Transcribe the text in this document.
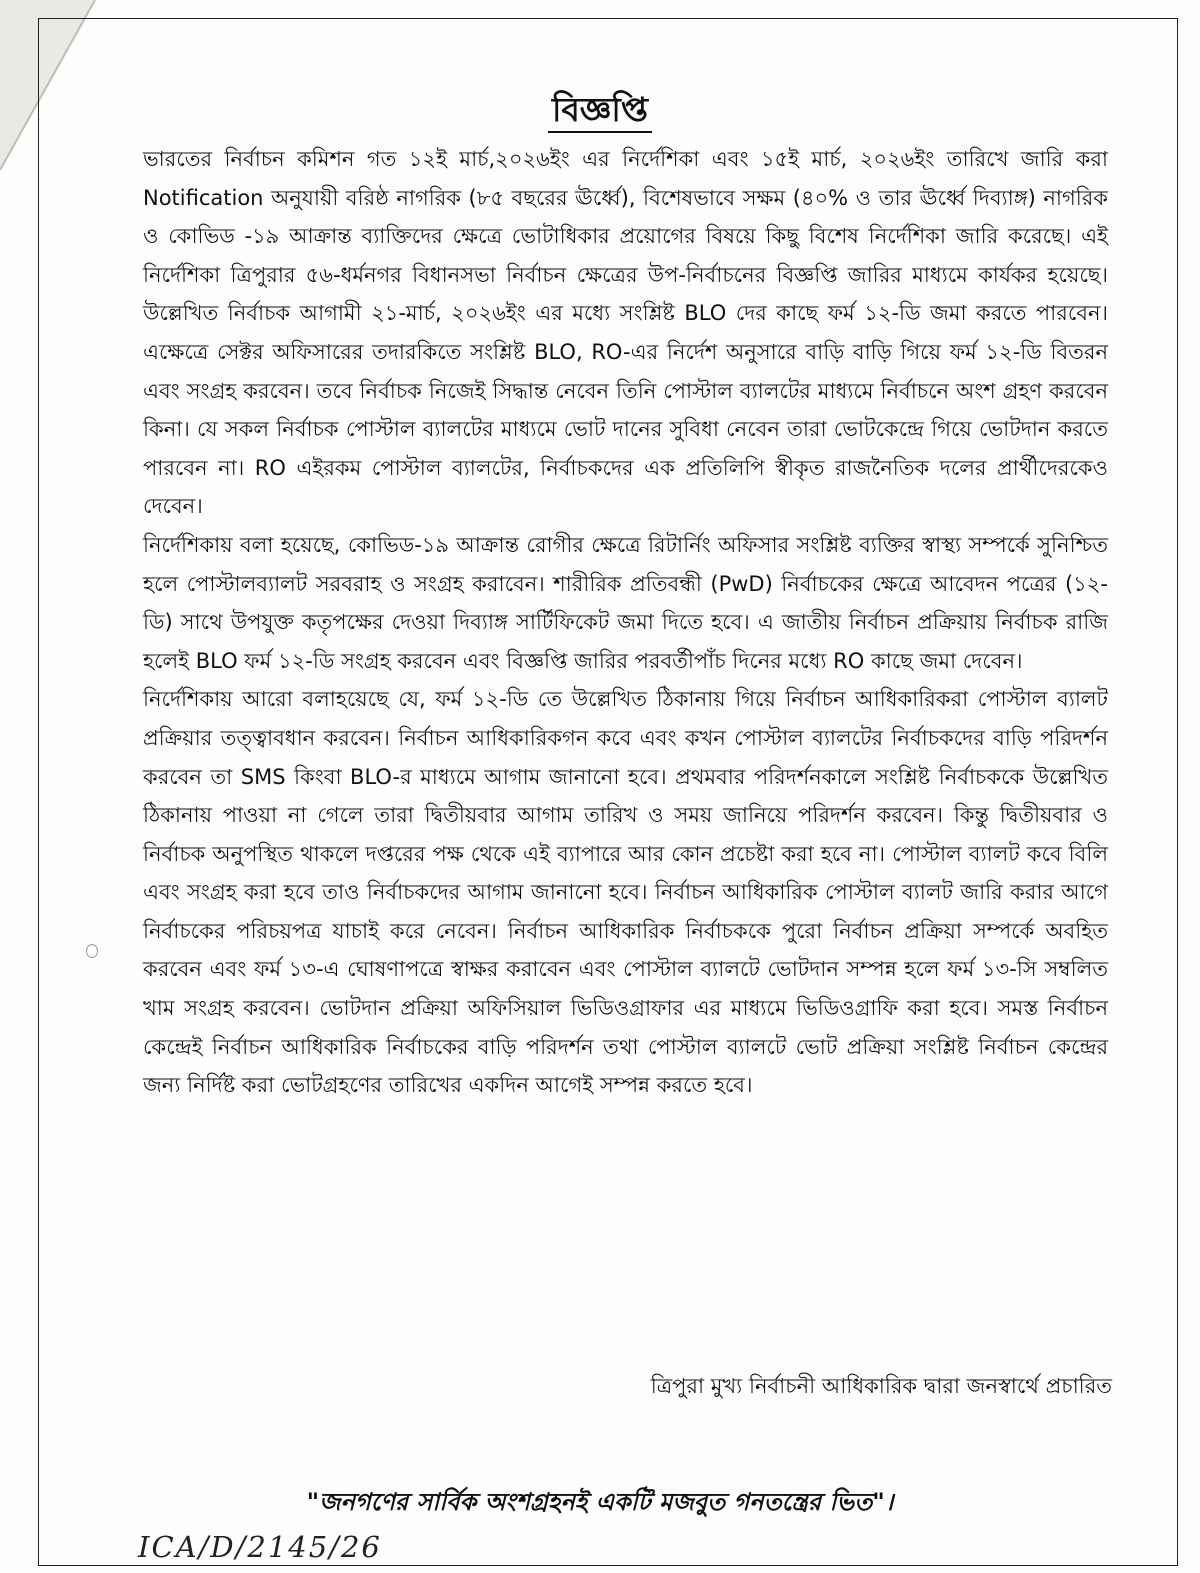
বিজ্ঞপ্তি

ভারতের নির্বাচন কমিশন গত ১২ই মার্চ,২০২৬ইং এর নির্দেশিকা এবং ১৫ই মার্চ, ২০২৬ইং তারিখে জারি করা Notification অনুযায়ী বরিষ্ঠ নাগরিক (৮৫ বছরের ঊর্ধ্বে), বিশেষভাবে সক্ষম (৪০% ও তার ঊর্ধ্বে দিব্যাঙ্গ) নাগরিক ও কোভিড -১৯ আক্রান্ত ব্যাক্তিদের ক্ষেত্রে ভোটাধিকার প্রয়োগের বিষয়ে কিছু বিশেষ নির্দেশিকা জারি করেছে। এই নির্দেশিকা ত্রিপুরার ৫৬-ধর্মনগর বিধানসভা নির্বাচন ক্ষেত্রের উপ-নির্বাচনের বিজ্ঞপ্তি জারির মাধ্যমে কার্যকর হয়েছে। উল্লেখিত নির্বাচক আগামী ২১-মার্চ, ২০২৬ইং এর মধ্যে সংশ্লিষ্ট BLO দের কাছে ফর্ম ১২-ডি জমা করতে পারবেন। এক্ষেত্রে সেক্টর অফিসারের তদারকিতে সংশ্লিষ্ট BLO, RO-এর নির্দেশ অনুসারে বাড়ি বাড়ি গিয়ে ফর্ম ১২-ডি বিতরন এবং সংগ্রহ করবেন। তবে নির্বাচক নিজেই সিদ্ধান্ত নেবেন তিনি পোস্টাল ব্যালটের মাধ্যমে নির্বাচনে অংশ গ্রহণ করবেন কিনা। যে সকল নির্বাচক পোস্টাল ব্যালটের মাধ্যমে ভোট দানের সুবিধা নেবেন তারা ভোটকেন্দ্রে গিয়ে ভোটদান করতে পারবেন না। RO এইরকম পোস্টাল ব্যালটের, নির্বাচকদের এক প্রতিলিপি স্বীকৃত রাজনৈতিক দলের প্রার্থীদেরকেও দেবেন।

নির্দেশিকায় বলা হয়েছে, কোভিড-১৯ আক্রান্ত রোগীর ক্ষেত্রে রিটার্নিং অফিসার সংশ্লিষ্ট ব্যক্তির স্বাস্থ্য সম্পর্কে সুনিশ্চিত হলে পোস্টালব্যালট সরবরাহ ও সংগ্রহ করাবেন। শারীরিক প্রতিবন্ধী (PwD) নির্বাচকের ক্ষেত্রে আবেদন পত্রের (১২-ডি) সাথে উপযুক্ত কতৃপক্ষের দেওয়া দিব্যাঙ্গ সার্টিফিকেট জমা দিতে হবে। এ জাতীয় নির্বাচন প্রক্রিয়ায় নির্বাচক রাজি হলেই BLO ফর্ম ১২-ডি সংগ্রহ করবেন এবং বিজ্ঞপ্তি জারির পরবর্তীপাঁচ দিনের মধ্যে RO কাছে জমা দেবেন।

নির্দেশিকায় আরো বলাহয়েছে যে, ফর্ম ১২-ডি তে উল্লেখিত ঠিকানায় গিয়ে নির্বাচন আধিকারিকরা পোস্টাল ব্যালট প্রক্রিয়ার তত্ত্বাবধান করবেন। নির্বাচন আধিকারিকগন কবে এবং কখন পোস্টাল ব্যালটের নির্বাচকদের বাড়ি পরিদর্শন করবেন তা SMS কিংবা BLO-র মাধ্যমে আগাম জানানো হবে। প্রথমবার পরিদর্শনকালে সংশ্লিষ্ট নির্বাচককে উল্লেখিত ঠিকানায় পাওয়া না গেলে তারা দ্বিতীয়বার আগাম তারিখ ও সময় জানিয়ে পরিদর্শন করবেন। কিন্তু দ্বিতীয়বার ও নির্বাচক অনুপস্থিত থাকলে দপ্তরের পক্ষ থেকে এই ব্যাপারে আর কোন প্রচেষ্টা করা হবে না। পোস্টাল ব্যালট কবে বিলি এবং সংগ্রহ করা হবে তাও নির্বাচকদের আগাম জানানো হবে। নির্বাচন আধিকারিক পোস্টাল ব্যালট জারি করার আগে নির্বাচকের পরিচয়পত্র যাচাই করে নেবেন। নির্বাচন আধিকারিক নির্বাচককে পুরো নির্বাচন প্রক্রিয়া সম্পর্কে অবহিত করবেন এবং ফর্ম ১৩-এ ঘোষণাপত্রে স্বাক্ষর করাবেন এবং পোস্টাল ব্যালটে ভোটদান সম্পন্ন হলে ফর্ম ১৩-সি সম্বলিত খাম সংগ্রহ করবেন। ভোটদান প্রক্রিয়া অফিসিয়াল ভিডিওগ্রাফার এর মাধ্যমে ভিডিওগ্রাফি করা হবে। সমস্ত নির্বাচন কেন্দ্রেই নির্বাচন আধিকারিক নির্বাচকের বাড়ি পরিদর্শন তথা পোস্টাল ব্যালটে ভোট প্রক্রিয়া সংশ্লিষ্ট নির্বাচন কেন্দ্রের জন্য নির্দিষ্ট করা ভোটগ্রহণের তারিখের একদিন আগেই সম্পন্ন করতে হবে।

ত্রিপুরা মুখ্য নির্বাচনী আধিকারিক দ্বারা জনস্বার্থে প্রচারিত
"জনগণের সার্বিক অংশগ্রহনই একটি মজবুত গনতন্ত্রের ভিত"।
ICA/D/2145/26
